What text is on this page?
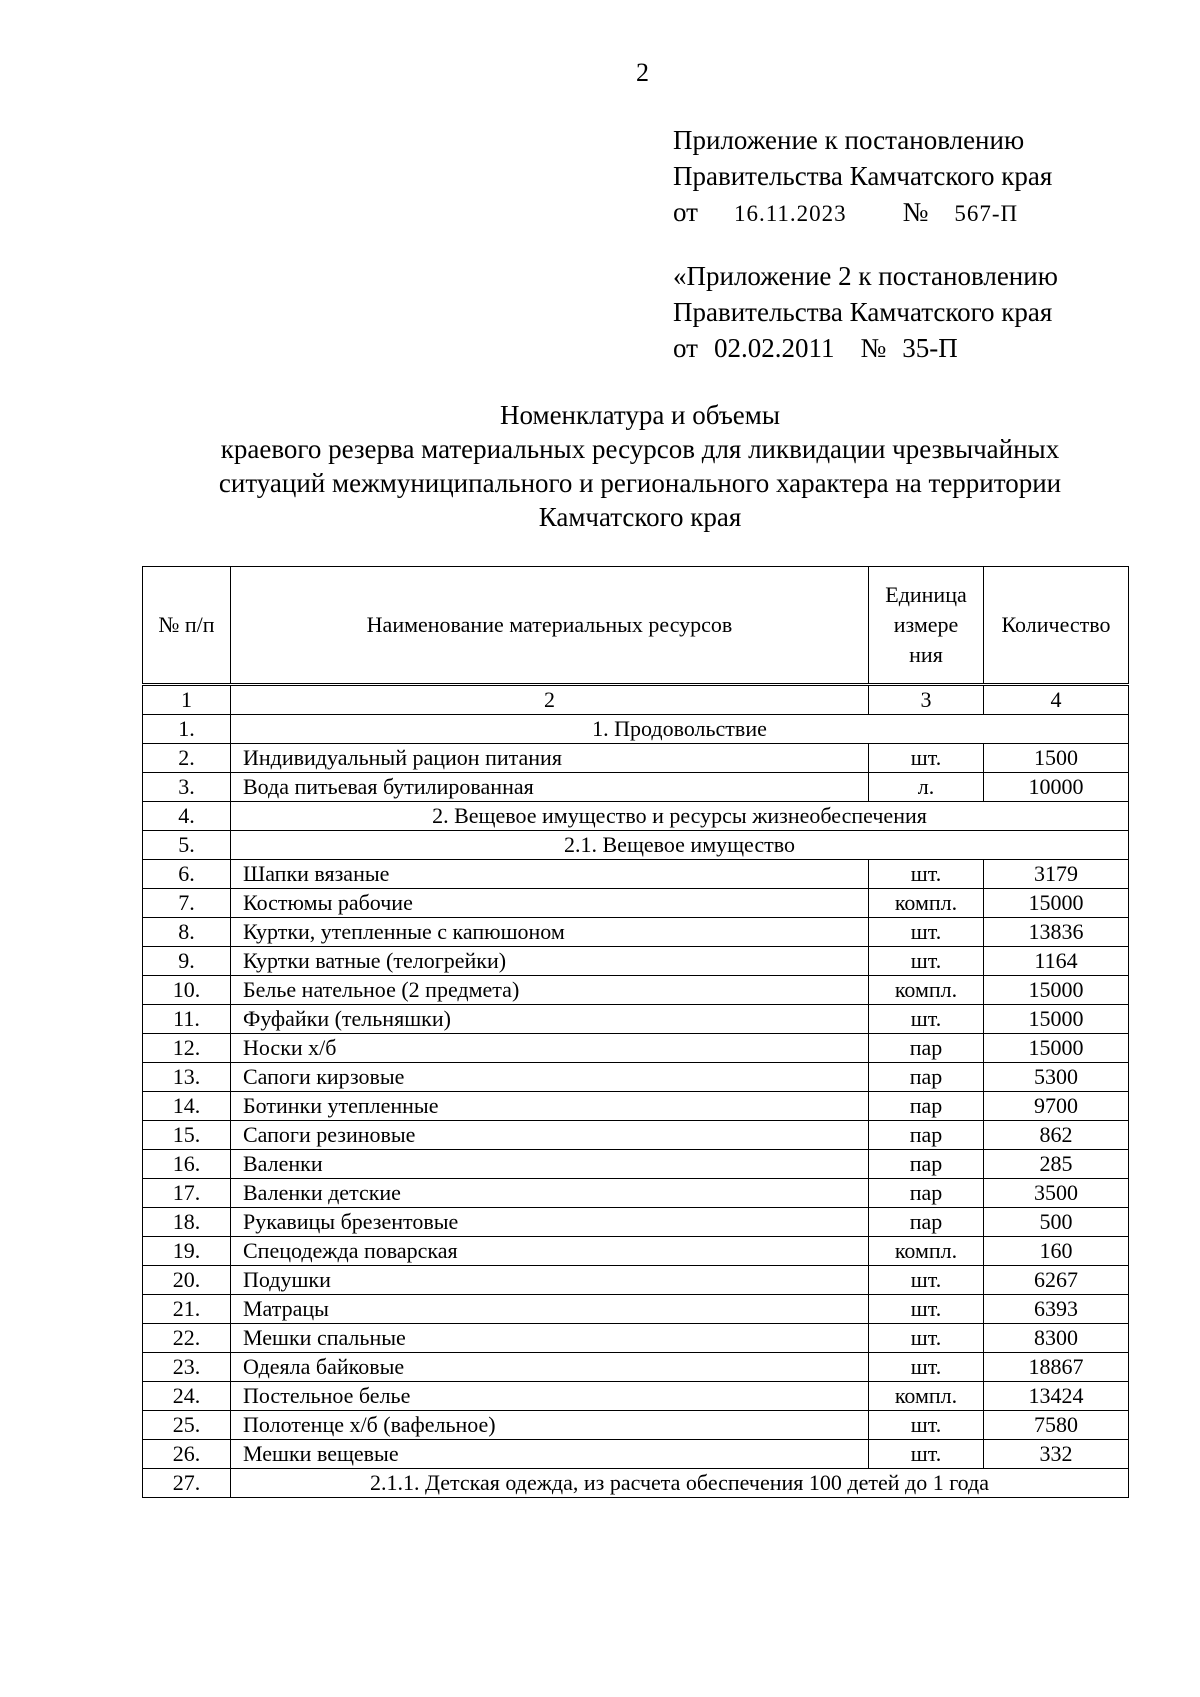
2
Приложение к постановлению
Правительства Камчатского края
от 16.11.2023 № 567-П
«Приложение 2 к постановлению
Правительства Камчатского края
от 02.02.2011 № 35-П
Номенклатура и объемы
краевого резерва материальных ресурсов для ликвидации чрезвычайных
ситуаций межмуниципального и регионального характера на территории
Камчатского края
№ п/п	Наименование материальных ресурсов	Единица измере ния	Количество
1	2	3	4
1.	1. Продовольствие		
2.	Индивидуальный рацион питания	шт.	1500
3.	Вода питьевая бутилированная	л.	10000
4.	2. Вещевое имущество и ресурсы жизнеобеспечения		
5.	2.1. Вещевое имущество		
6.	Шапки вязаные	шт.	3179
7.	Костюмы рабочие	компл.	15000
8.	Куртки, утепленные с капюшоном	шт.	13836
9.	Куртки ватные (телогрейки)	шт.	1164
10.	Белье нательное (2 предмета)	компл.	15000
11.	Фуфайки (тельняшки)	шт.	15000
12.	Носки х/б	пар	15000
13.	Сапоги кирзовые	пар	5300
14.	Ботинки утепленные	пар	9700
15.	Сапоги резиновые	пар	862
16.	Валенки	пар	285
17.	Валенки детские	пар	3500
18.	Рукавицы брезентовые	пар	500
19.	Спецодежда поварская	компл.	160
20.	Подушки	шт.	6267
21.	Матрацы	шт.	6393
22.	Мешки спальные	шт.	8300
23.	Одеяла байковые	шт.	18867
24.	Постельное белье	компл.	13424
25.	Полотенце х/б (вафельное)	шт.	7580
26.	Мешки вещевые	шт.	332
27.	2.1.1. Детская одежда, из расчета обеспечения 100 детей до 1 года		
